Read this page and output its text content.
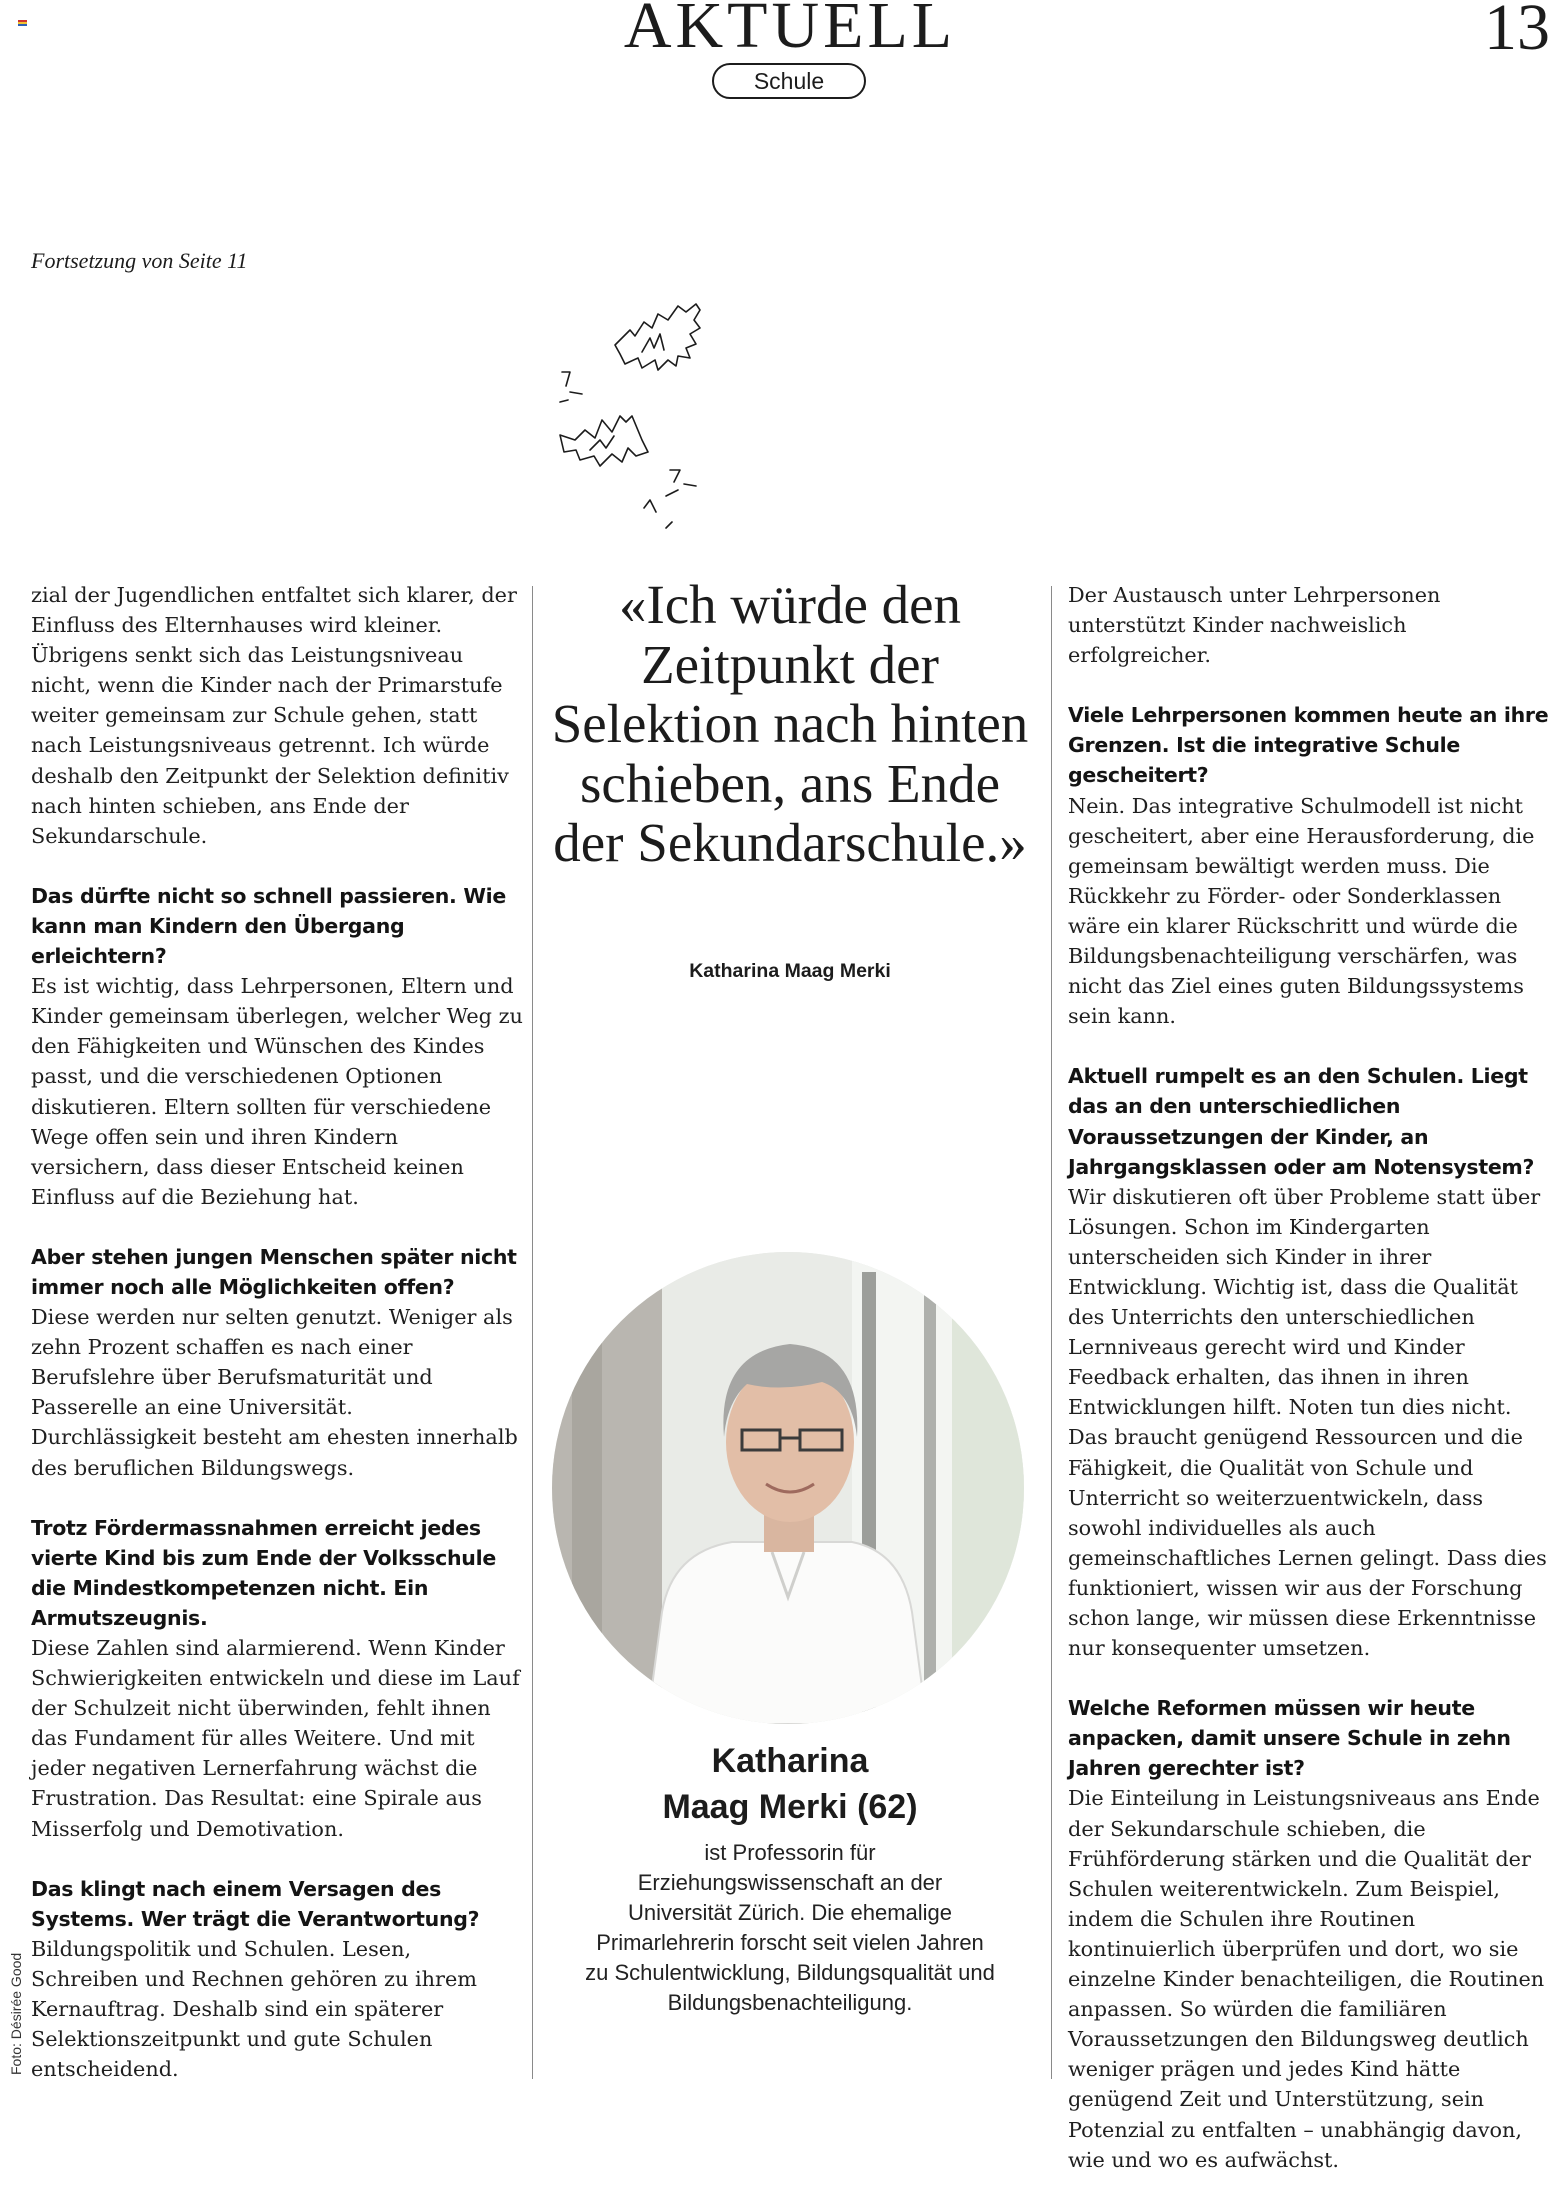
AKTUELL	13
Schule
Fortsetzung von Seite 11

zial der Jugendlichen entfaltet sich klarer, der Einfluss des Elternhauses wird kleiner. Übrigens senkt sich das Leistungsniveau nicht, wenn die Kinder nach der Primarstufe weiter gemeinsam zur Schule gehen, statt nach Leistungsniveaus getrennt. Ich würde deshalb den Zeitpunkt der Selektion definitiv nach hinten schieben, ans Ende der Sekundarschule.

Das dürfte nicht so schnell passieren. Wie kann man Kindern den Übergang erleichtern?
Es ist wichtig, dass Lehrpersonen, Eltern und Kinder gemeinsam überlegen, welcher Weg zu den Fähigkeiten und Wünschen des Kindes passt, und die verschiedenen Optionen diskutieren. Eltern sollten für verschiedene Wege offen sein und ihren Kindern versichern, dass dieser Entscheid keinen Einfluss auf die Beziehung hat.

Aber stehen jungen Menschen später nicht immer noch alle Möglichkeiten offen?
Diese werden nur selten genutzt. Weniger als zehn Prozent schaffen es nach einer Berufslehre über Berufsmaturität und Passerelle an eine Universität. Durchlässigkeit besteht am ehesten innerhalb des beruflichen Bildungswegs.

Trotz Fördermassnahmen erreicht jedes vierte Kind bis zum Ende der Volksschule die Mindestkompetenzen nicht. Ein Armutszeugnis.
Diese Zahlen sind alarmierend. Wenn Kinder Schwierigkeiten entwickeln und diese im Lauf der Schulzeit nicht überwinden, fehlt ihnen das Fundament für alles Weitere. Und mit jeder negativen Lernerfahrung wächst die Frustration. Das Resultat: eine Spirale aus Misserfolg und Demotivation.

Das klingt nach einem Versagen des Systems. Wer trägt die Verantwortung?
Bildungspolitik und Schulen. Lesen, Schreiben und Rechnen gehören zu ihrem Kernauftrag. Deshalb sind ein späterer Selektionszeitpunkt und gute Schulen entscheidend.

«Ich würde den Zeitpunkt der Selektion nach hinten schieben, ans Ende der Sekundarschule.»
Katharina Maag Merki
Katharina
Maag Merki (62)
ist Professorin für Erziehungswissenschaft an der Universität Zürich. Die ehemalige Primarlehrerin forscht seit vielen Jahren zu Schulentwicklung, Bildungsqualität und Bildungsbenachteiligung.

Der Austausch unter Lehrpersonen unterstützt Kinder nachweislich erfolgreicher.

Viele Lehrpersonen kommen heute an ihre Grenzen. Ist die integrative Schule gescheitert?
Nein. Das integrative Schulmodell ist nicht gescheitert, aber eine Herausforderung, die gemeinsam bewältigt werden muss. Die Rückkehr zu Förder- oder Sonderklassen wäre ein klarer Rückschritt und würde die Bildungsbenachteiligung verschärfen, was nicht das Ziel eines guten Bildungssystems sein kann.

Aktuell rumpelt es an den Schulen. Liegt das an den unterschiedlichen Voraussetzungen der Kinder, an Jahrgangsklassen oder am Notensystem?
Wir diskutieren oft über Probleme statt über Lösungen. Schon im Kindergarten unterscheiden sich Kinder in ihrer Entwicklung. Wichtig ist, dass die Qualität des Unterrichts den unterschiedlichen Lernniveaus gerecht wird und Kinder Feedback erhalten, das ihnen in ihren Entwicklungen hilft. Noten tun dies nicht. Das braucht genügend Ressourcen und die Fähigkeit, die Qualität von Schule und Unterricht so weiterzuentwickeln, dass sowohl individuelles als auch gemeinschaftliches Lernen gelingt. Dass dies funktioniert, wissen wir aus der Forschung schon lange, wir müssen diese Erkenntnisse nur konsequenter umsetzen.

Welche Reformen müssen wir heute anpacken, damit unsere Schule in zehn Jahren gerechter ist?
Die Einteilung in Leistungsniveaus ans Ende der Sekundarschule schieben, die Frühförderung stärken und die Qualität der Schulen weiterentwickeln. Zum Beispiel, indem die Schulen ihre Routinen kontinuierlich überprüfen und dort, wo sie einzelne Kinder benachteiligen, die Routinen anpassen. So würden die familiären Voraussetzungen den Bildungsweg deutlich weniger prägen und jedes Kind hätte genügend Zeit und Unterstützung, sein Potenzial zu entfalten – unabhängig davon, wie und wo es aufwächst.

Foto: Désirée Good
